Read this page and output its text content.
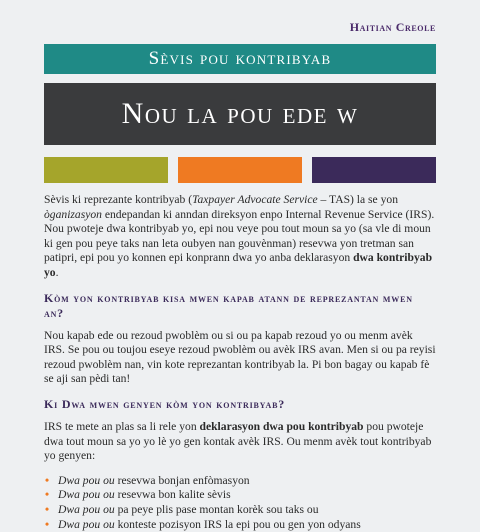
Haitian Creole
Sèvis pou kontribyab
Nou la pou ede w

Sèvis ki reprezante kontribyab (Taxpayer Advocate Service – TAS) la se yon òganizasyon endepandan ki anndan direksyon enpo Internal Revenue Service (IRS). Nou pwoteje dwa kontribyab yo, epi nou veye pou tout moun sa yo (sa vle di moun ki gen pou peye taks nan leta oubyen nan gouvènman) resevwa yon tretman san patipri, epi pou yo konnen epi konprann dwa yo anba deklarasyon dwa kontribyab yo.

Kòm yon kontribyab kisa mwen kapab atann de reprezantan mwen an?

Nou kapab ede ou rezoud pwoblèm ou si ou pa kapab rezoud yo ou menm avèk IRS. Se pou ou toujou eseye rezoud pwoblèm ou avèk IRS avan. Men si ou pa reyisi rezoud pwoblèm nan, vin kote reprezantan kontribyab la. Pi bon bagay ou kapab fè se aji san pèdi tan!

Ki Dwa mwen genyen kòm yon kontribyab?

IRS te mete an plas sa li rele yon deklarasyon dwa pou kontribyab pou pwoteje dwa tout moun sa yo yo lè yo gen kontak avèk IRS. Ou menm avèk tout kontribyab yo genyen:

• Dwa pou ou resevwa bonjan enfòmasyon
• Dwa pou ou resevwa bon kalite sèvis
• Dwa pou ou pa peye plis pase montan korèk sou taks ou
• Dwa pou ou konteste pozisyon IRS la epi pou ou gen yon odyans
